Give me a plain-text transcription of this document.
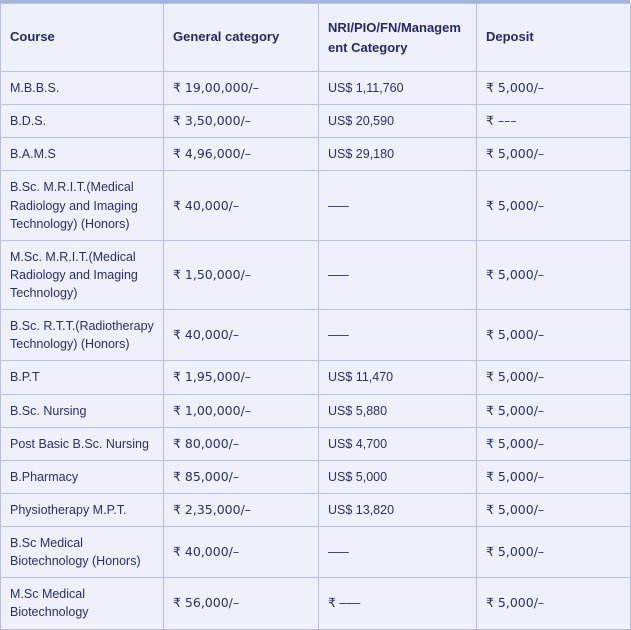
Course	General category	NRI/PIO/FN/Management Category	Deposit
M.B.B.S.	₹ 19,00,000/–	US$ 1,11,760	₹ 5,000/–
B.D.S.	₹ 3,50,000/–	US$ 20,590	₹ –––
B.A.M.S	₹ 4,96,000/–	US$ 29,180	₹ 5,000/–
B.Sc. M.R.I.T.(Medical Radiology and Imaging Technology) (Honors)	₹ 40,000/–	–––	₹ 5,000/–
M.Sc. M.R.I.T.(Medical Radiology and Imaging Technology)	₹ 1,50,000/–	–––	₹ 5,000/–
B.Sc. R.T.T.(Radiotherapy Technology) (Honors)	₹ 40,000/–	–––	₹ 5,000/–
B.P.T	₹ 1,95,000/–	US$ 11,470	₹ 5,000/–
B.Sc. Nursing	₹ 1,00,000/–	US$ 5,880	₹ 5,000/–
Post Basic B.Sc. Nursing	₹ 80,000/–	US$ 4,700	₹ 5,000/–
B.Pharmacy	₹ 85,000/–	US$ 5,000	₹ 5,000/–
Physiotherapy M.P.T.	₹ 2,35,000/–	US$ 13,820	₹ 5,000/–
B.Sc Medical Biotechnology (Honors)	₹ 40,000/–	–––	₹ 5,000/–
M.Sc Medical Biotechnology	₹ 56,000/–	₹ –––	₹ 5,000/–
